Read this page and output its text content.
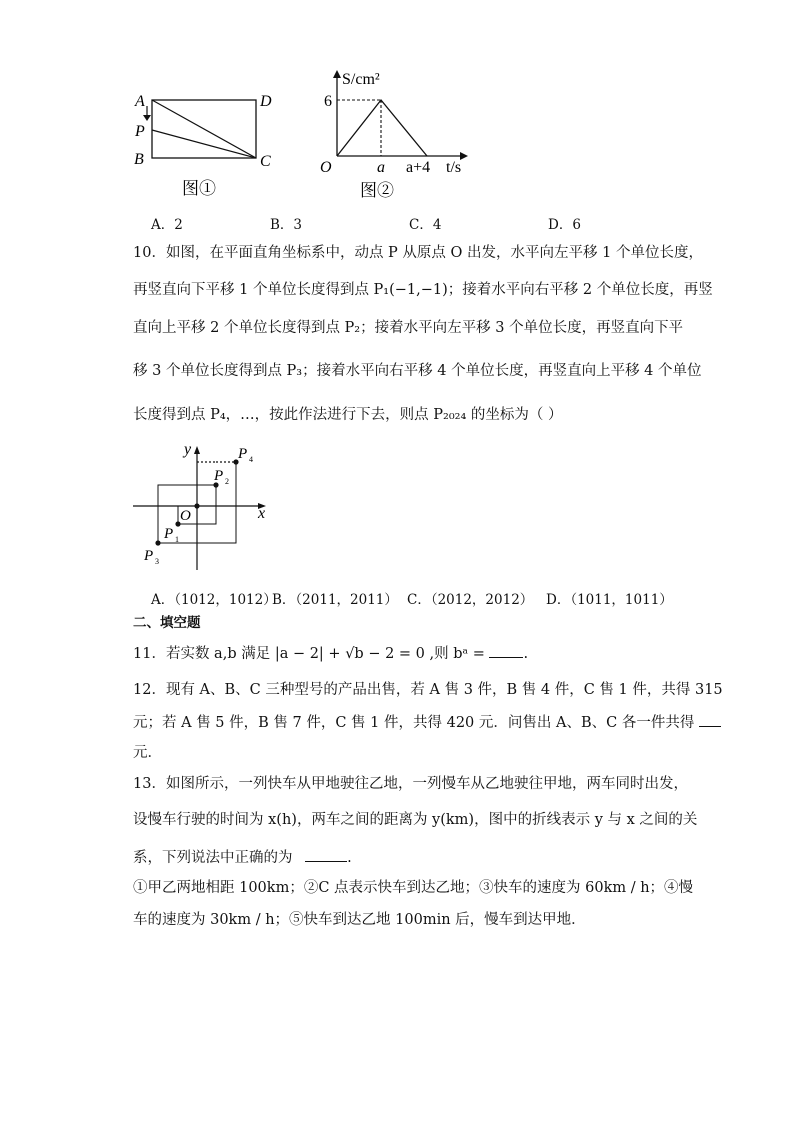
A	D
P
B	C
图①
S/cm²
6
O	a a+4 t/s
图②
A．2	B．3	C．4	D．6
10．如图，在平面直角坐标系中，动点 P 从原点 O 出发，水平向左平移 1 个单位长度，
再竖直向下平移 1 个单位长度得到点 P₁(−1,−1)；接着水平向右平移 2 个单位长度，再竖
直向上平移 2 个单位长度得到点 P₂；接着水平向左平移 3 个单位长度，再竖直向下平
移 3 个单位长度得到点 P₃；接着水平向右平移 4 个单位长度，再竖直向上平移 4 个单位
长度得到点 P₄，…，按此作法进行下去，则点 P₂₀₂₄ 的坐标为（ ）
x
y
O
P 1
P 2
P 3
P 4
A．（1012，1012）
B．（2011，2011） C．（2012，2012） D．（1011，1011）
二、填空题
11．若实数 a,b 满足 |a − 2| + √b − 2 = 0 ,则 bᵃ =	.
12．现有 A、B、C 三种型号的产品出售，若 A 售 3 件，B 售 4 件，C 售 1 件，共得 315
元；若 A 售 5 件，B 售 7 件，C 售 1 件，共得 420 元．问售出 A、B、C 各一件共得
元．
13．如图所示，一列快车从甲地驶往乙地，一列慢车从乙地驶往甲地，两车同时出发，
设慢车行驶的时间为 x(h)，两车之间的距离为 y(km)，图中的折线表示 y 与 x 之间的关
系，下列说法中正确的为	.
①甲乙两地相距 100km；②C 点表示快车到达乙地；③快车的速度为 60km / h；④慢
车的速度为 30km / h；⑤快车到达乙地 100min 后，慢车到达甲地．
